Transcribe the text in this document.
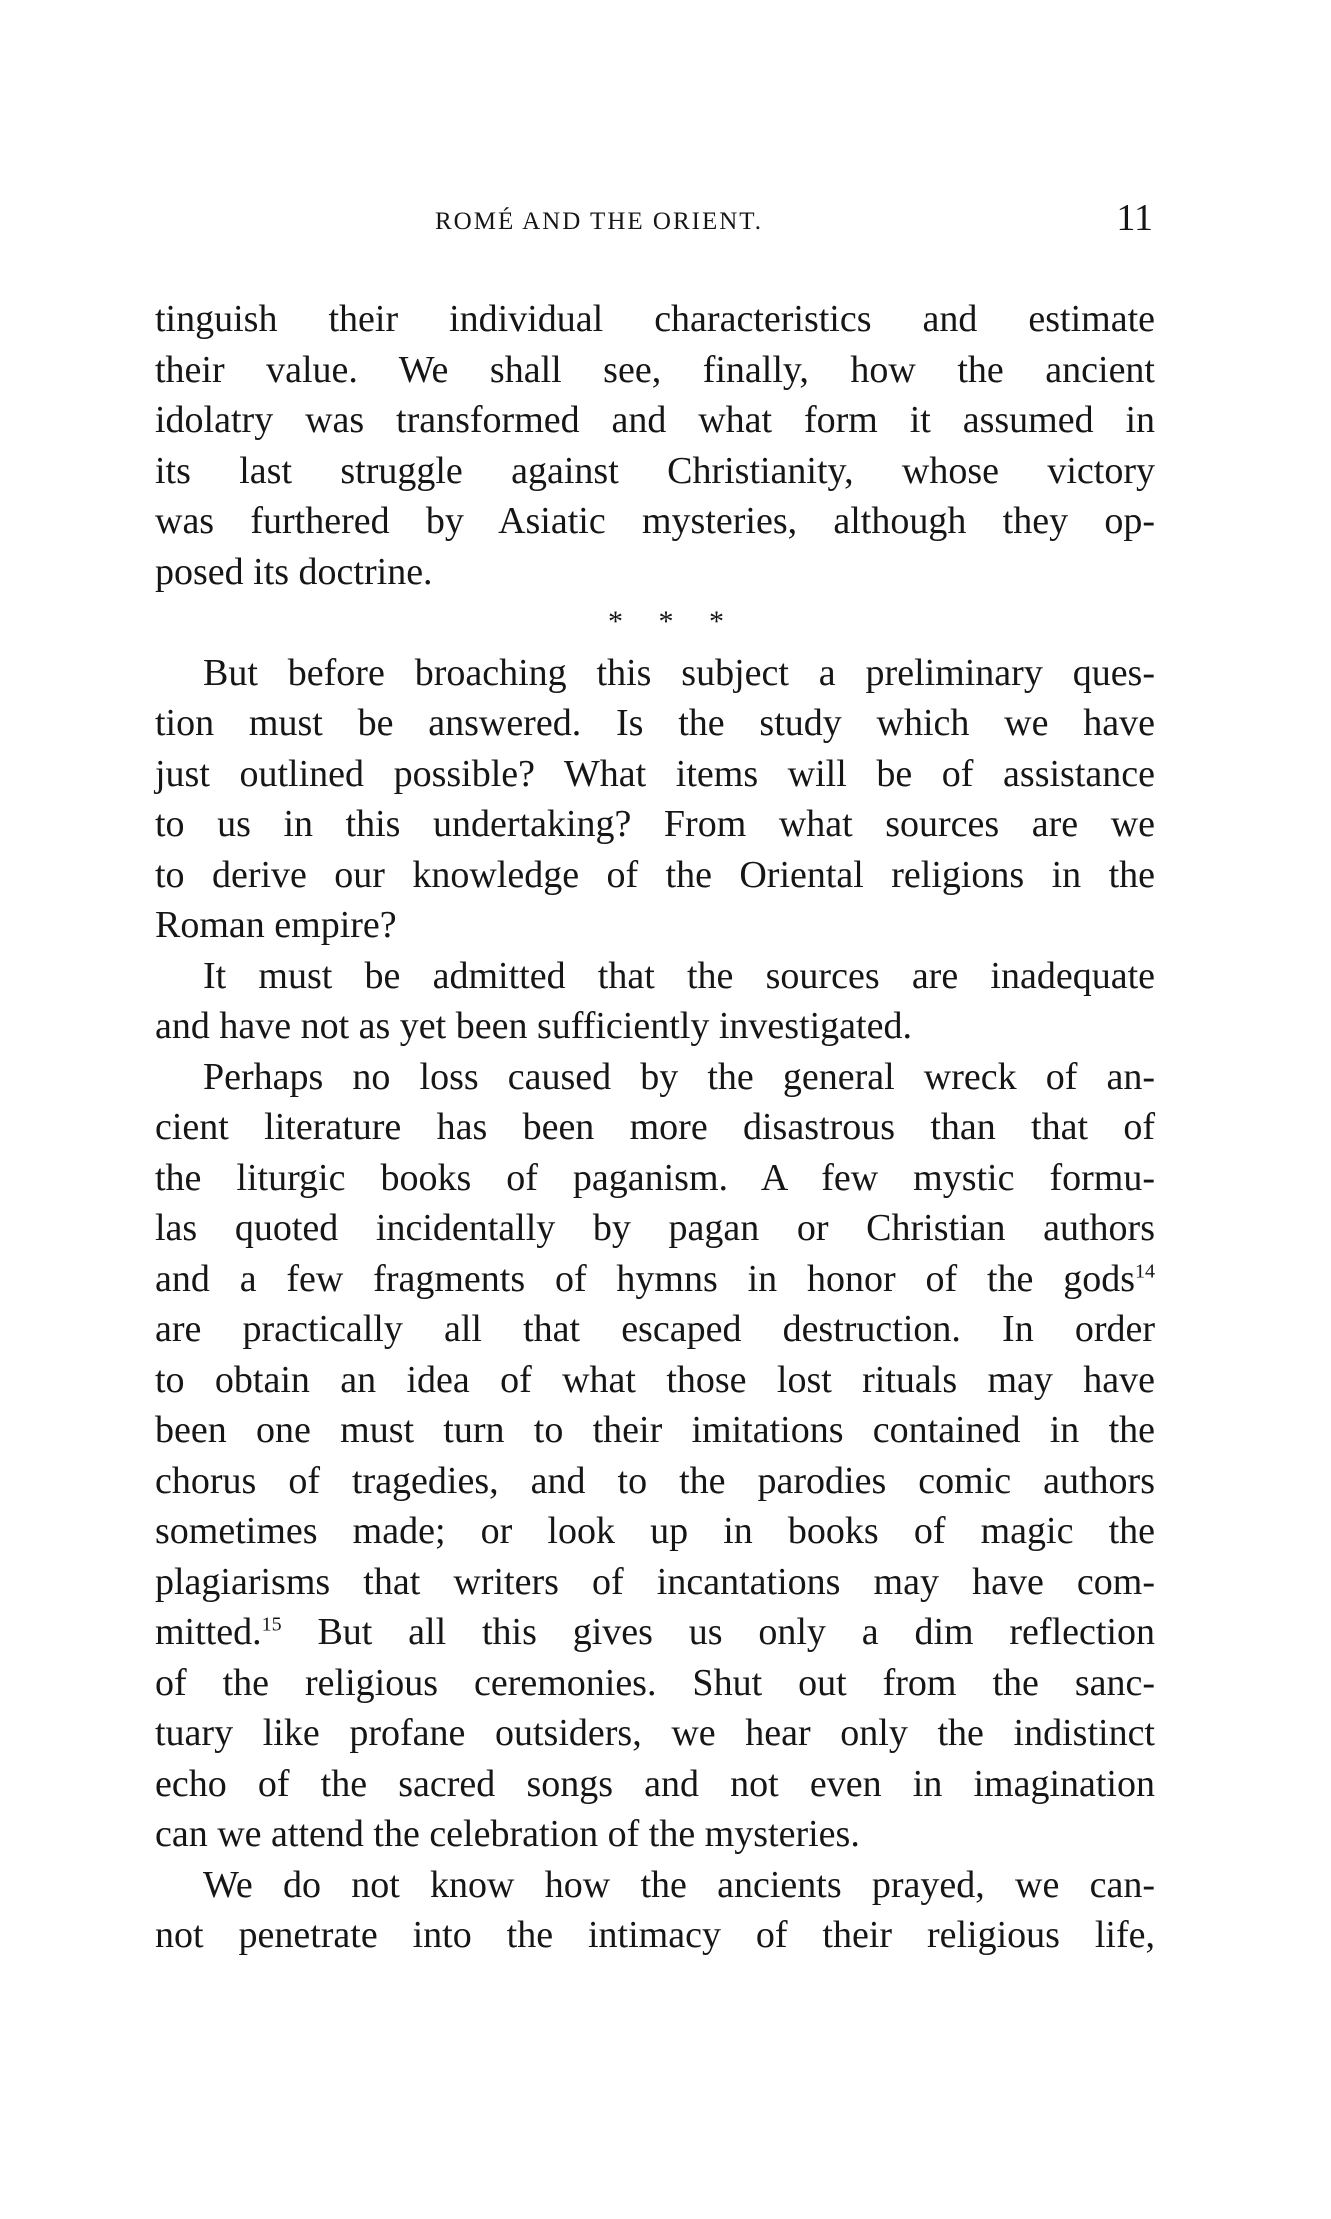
ROMÉ AND THE ORIENT.	11
tinguish their individual characteristics and estimate
their value. We shall see, finally, how the ancient
idolatry was transformed and what form it assumed in
its last struggle against Christianity, whose victory
was furthered by Asiatic mysteries, although they op-
posed its doctrine.
* * *
But before broaching this subject a preliminary ques-
tion must be answered. Is the study which we have
just outlined possible? What items will be of assistance
to us in this undertaking? From what sources are we
to derive our knowledge of the Oriental religions in the
Roman empire?
It must be admitted that the sources are inadequate
and have not as yet been sufficiently investigated.
Perhaps no loss caused by the general wreck of an-
cient literature has been more disastrous than that of
the liturgic books of paganism. A few mystic formu-
las quoted incidentally by pagan or Christian authors
and a few fragments of hymns in honor of the gods$^{14}$
are practically all that escaped destruction. In order
to obtain an idea of what those lost rituals may have
been one must turn to their imitations contained in the
chorus of tragedies, and to the parodies comic authors
sometimes made; or look up in books of magic the
plagiarisms that writers of incantations may have com-
mitted.$^{15}$ But all this gives us only a dim reflection
of the religious ceremonies. Shut out from the sanc-
tuary like profane outsiders, we hear only the indistinct
echo of the sacred songs and not even in imagination
can we attend the celebration of the mysteries.
We do not know how the ancients prayed, we can-
not penetrate into the intimacy of their religious life,
